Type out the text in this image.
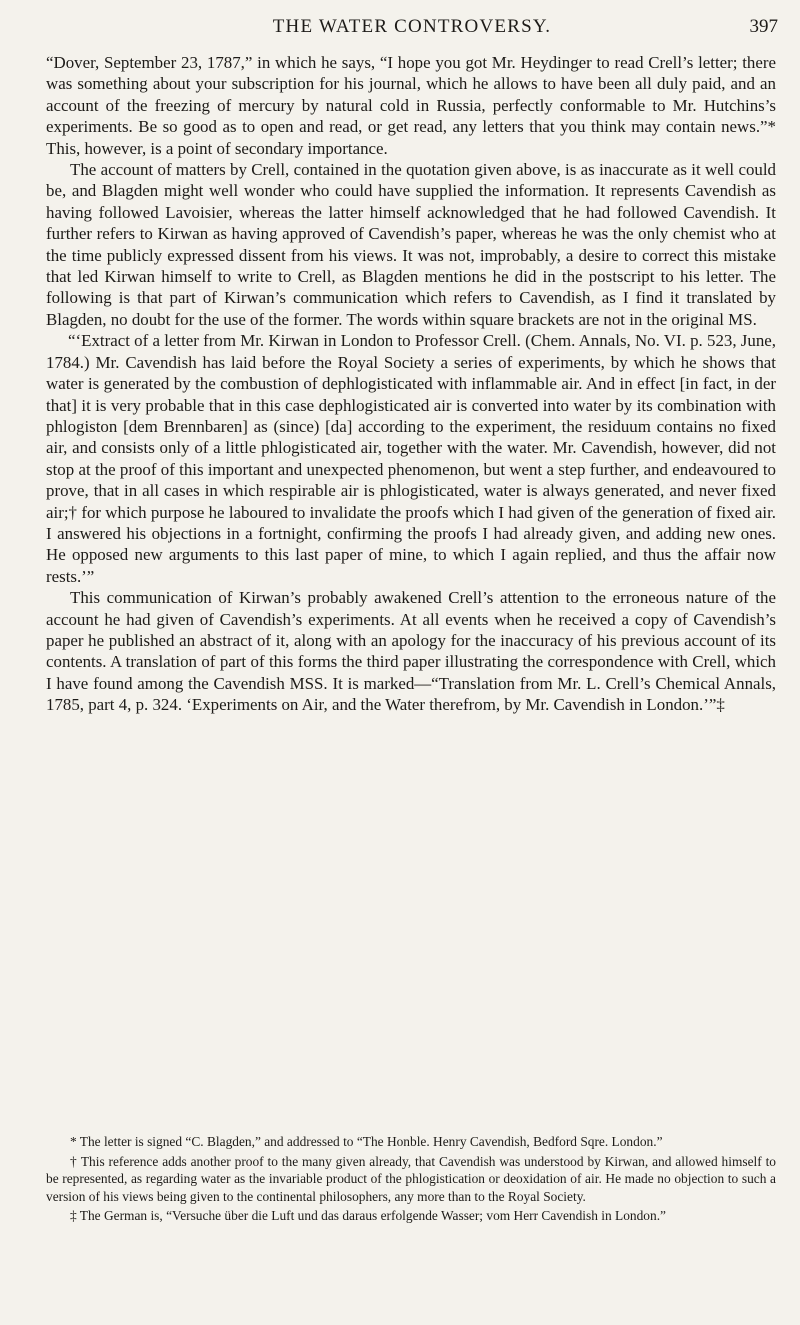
THE WATER CONTROVERSY.	397

“Dover, September 23, 1787,” in which he says, “I hope you got Mr. Heydinger to read Crell’s letter; there was something about your subscription for his journal, which he allows to have been all duly paid, and an account of the freezing of mercury by natural cold in Russia, perfectly conformable to Mr. Hutchins’s experiments. Be so good as to open and read, or get read, any letters that you think may contain news.”* This, however, is a point of secondary importance.

The account of matters by Crell, contained in the quotation given above, is as inaccurate as it well could be, and Blagden might well wonder who could have supplied the information. It represents Cavendish as having followed Lavoisier, whereas the latter himself acknowledged that he had followed Cavendish. It further refers to Kirwan as having approved of Cavendish’s paper, whereas he was the only chemist who at the time publicly expressed dissent from his views. It was not, improbably, a desire to correct this mistake that led Kirwan himself to write to Crell, as Blagden mentions he did in the postscript to his letter. The following is that part of Kirwan’s communication which refers to Cavendish, as I find it translated by Blagden, no doubt for the use of the former. The words within square brackets are not in the original MS.

“‘Extract of a letter from Mr. Kirwan in London to Professor Crell. (Chem. Annals, No. VI. p. 523, June, 1784.) Mr. Cavendish has laid before the Royal Society a series of experiments, by which he shows that water is generated by the combustion of dephlogisticated with inflammable air. And in effect [in fact, in der that] it is very probable that in this case dephlogisticated air is converted into water by its combination with phlogiston [dem Brennbaren] as (since) [da] according to the experiment, the residuum contains no fixed air, and consists only of a little phlogisticated air, together with the water. Mr. Cavendish, however, did not stop at the proof of this important and unexpected phenomenon, but went a step further, and endeavoured to prove, that in all cases in which respirable air is phlogisticated, water is always generated, and never fixed air;† for which purpose he laboured to invalidate the proofs which I had given of the generation of fixed air. I answered his objections in a fortnight, confirming the proofs I had already given, and adding new ones. He opposed new arguments to this last paper of mine, to which I again replied, and thus the affair now rests.’”

This communication of Kirwan’s probably awakened Crell’s attention to the erroneous nature of the account he had given of Cavendish’s experiments. At all events when he received a copy of Cavendish’s paper he published an abstract of it, along with an apology for the inaccuracy of his previous account of its contents. A translation of part of this forms the third paper illustrating the correspondence with Crell, which I have found among the Cavendish MSS. It is marked—“Translation from Mr. L. Crell’s Chemical Annals, 1785, part 4, p. 324. ‘Experiments on Air, and the Water therefrom, by Mr. Cavendish in London.’”‡

* The letter is signed “C. Blagden,” and addressed to “The Honble. Henry Cavendish, Bedford Sqre. London.”

† This reference adds another proof to the many given already, that Cavendish was understood by Kirwan, and allowed himself to be represented, as regarding water as the invariable product of the phlogistication or deoxidation of air. He made no objection to such a version of his views being given to the continental philosophers, any more than to the Royal Society.

‡ The German is, “Versuche über die Luft und das daraus erfolgende Wasser; vom Herr Cavendish in London.”
